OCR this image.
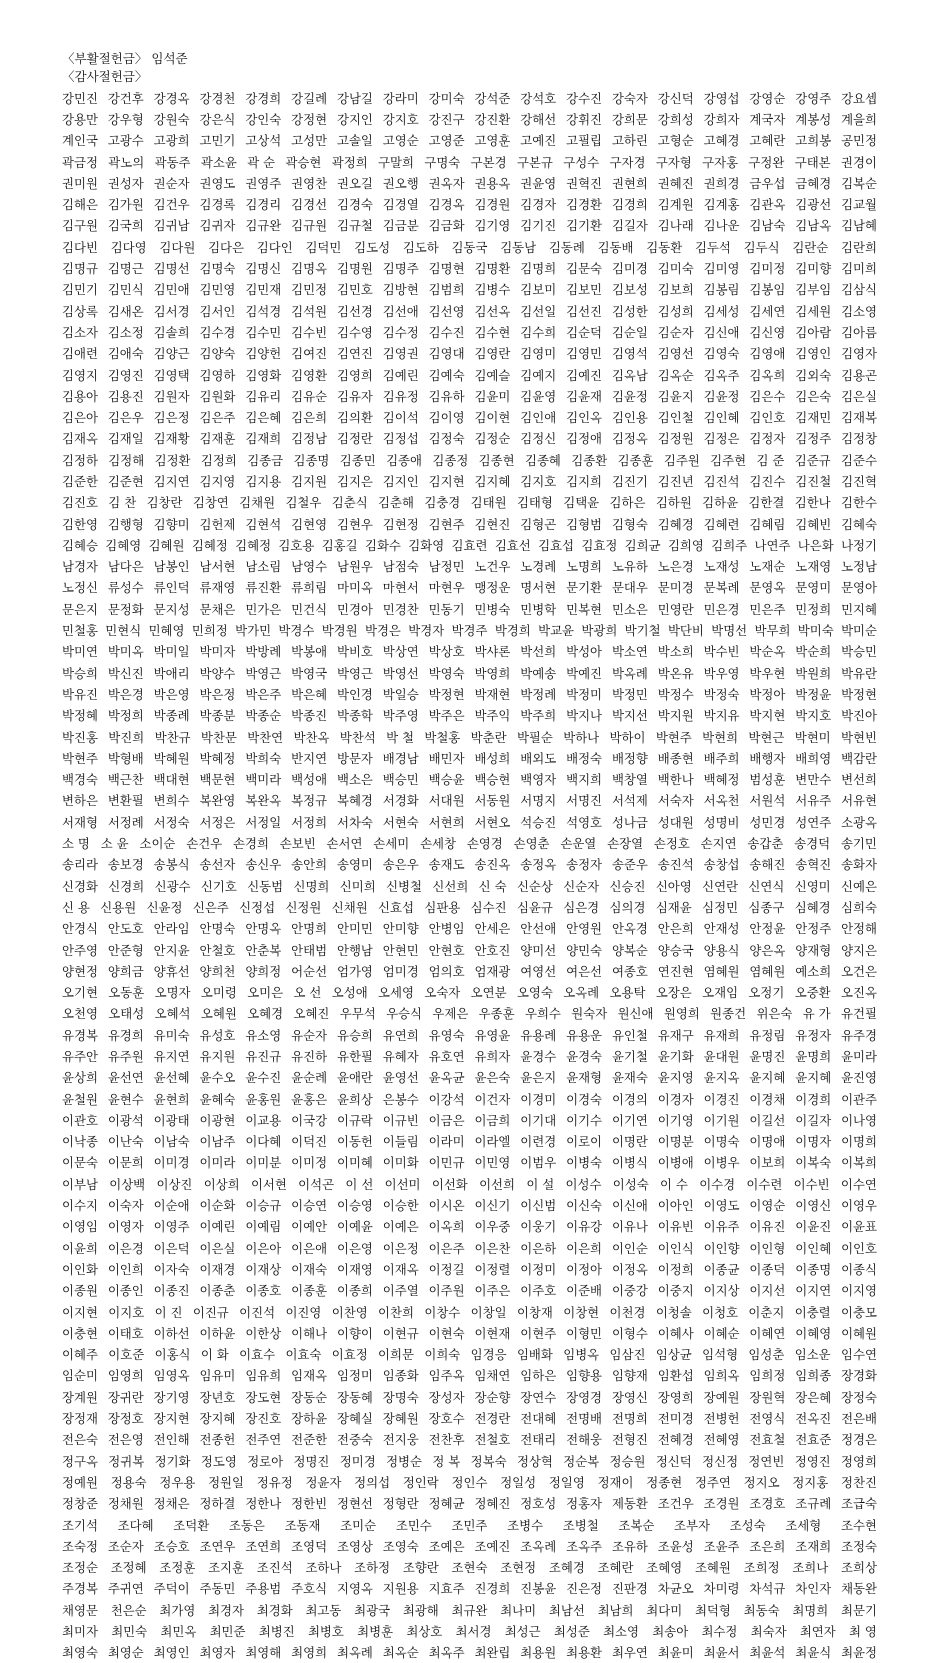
〈부활절헌금〉 임석준
〈감사절헌금〉
강민진 강건후 강경옥 강경천 강경희 강길례 강남길 강라미 강미숙 강석준 강석호 강수진 강숙자 강신덕 강영섭 강영순 강영주 강요셉
강용만 강우형 강원숙 강은식 강인숙 강정현 강지인 강지호 강진구 강진환 강해선 강휘진 강희문 강희성 강희자 계국자 계봉성 계을희
계인국 고광수 고광희 고민기 고상석 고성만 고솔일 고영순 고영준 고영훈 고예진 고필립 고하린 고형순 고혜경 고혜란 고희봉 공민정
곽금정 곽노의 곽동주 곽소윤 곽 순 곽승현 곽정희 구말희 구명숙 구본경 구본규 구성수 구자경 구자형 구자홍 구정완 구태본 권경이
권미원 권성자 권순자 권영도 권영주 권영찬 권오길 권오행 권옥자 권용옥 권윤영 권혁진 권현희 권혜진 권희경 금우섭 금혜경 김복순
김해은 김가원 김건우 김경록 김경리 김경선 김경숙 김경열 김경옥 김경원 김경자 김경환 김경희 김계원 김계홍 김관옥 김광선 김교월
김구원 김국희 김귀남 김귀자 김규완 김규원 김규철 김금분 김금화 김기영 김기진 김기환 김길자 김나래 김나운 김남숙 김남옥 김남혜
김다빈 김다영 김다원 김다은 김다인 김덕민 김도성 김도하 김동국 김동남 김동례 김동배 김동환 김두석 김두식 김란순 김란희
김명규 김명근 김명선 김명숙 김명신 김명옥 김명원 김명주 김명현 김명환 김명희 김문숙 김미경 김미숙 김미영 김미정 김미향 김미희
김민기 김민식 김민애 김민영 김민재 김민정 김민호 김방현 김범희 김병수 김보미 김보민 김보성 김보희 김봉림 김봉임 김부임 김삼식
김상록 김새온 김서경 김서인 김석경 김석원 김선경 김선애 김선영 김선옥 김선일 김선진 김성한 김성희 김세성 김세연 김세원 김소영
김소자 김소정 김솔희 김수경 김수민 김수빈 김수영 김수정 김수진 김수현 김수희 김순덕 김순일 김순자 김신애 김신영 김아람 김아름
김애련 김애숙 김양근 김양숙 김양헌 김여진 김연진 김영권 김영대 김영란 김영미 김영민 김영석 김영선 김영숙 김영애 김영인 김영자
김영지 김영진 김영택 김영하 김영화 김영환 김영희 김예린 김예숙 김예슬 김예지 김예진 김옥남 김옥순 김옥주 김옥희 김외숙 김용곤
김용아 김용진 김원자 김원화 김유리 김유순 김유자 김유정 김유하 김윤미 김윤영 김윤재 김윤정 김윤지 김윤정 김은수 김은숙 김은실
김은아 김은우 김은정 김은주 김은혜 김은희 김의환 김이석 김이영 김이현 김인애 김인옥 김인용 김인철 김인혜 김인호 김재민 김재복
김재옥 김재일 김재황 김재훈 김재희 김정남 김정란 김정섭 김정숙 김정순 김정신 김정애 김정옥 김정원 김정은 김정자 김정주 김정창
김정하 김정해 김정환 김정희 김종금 김종명 김종민 김종애 김종정 김종현 김종혜 김종환 김종훈 김주원 김주현 김 준 김준규 김준수
김준한 김준현 김지연 김지영 김지용 김지원 김지은 김지인 김지현 김지혜 김지호 김지희 김진기 김진년 김진석 김진수 김진철 김진혁
김진호 김 찬 김창란 김창연 김채원 김철우 김춘식 김춘해 김충경 김태원 김태형 김택윤 김하은 김하원 김하윤 김한결 김한나 김한수
김한영 김행형 김향미 김헌제 김현석 김현영 김현우 김현정 김현주 김현진 김형곤 김형범 김형숙 김혜경 김혜련 김혜림 김혜빈 김혜숙
김혜승 김혜영 김혜원 김혜정 김혜정 김호용 김홍길 김화수 김화영 김효련 김효선 김효섭 김효정 김희균 김희영 김희주 나연주 나은화 나정기
남경자 남다은 남봉인 남서현 남소림 남영수 남원우 남점숙 남정민 노건우 노경례 노명희 노유하 노은경 노재성 노재순 노재영 노정남
노정신 류성수 류인덕 류재영 류진환 류희림 마미옥 마현서 마현우 맹정운 명서현 문기환 문대우 문미경 문복례 문영옥 문영미 문영아
문은지 문정화 문지성 문채은 민가은 민건식 민경아 민경찬 민동기 민병숙 민병학 민복현 민소은 민영란 민은경 민은주 민정희 민지혜
민철홍 민현식 민혜영 민희정 박가민 박경수 박경원 박경은 박경자 박경주 박경희 박교윤 박광희 박기철 박단비 박명선 박무희 박미숙 박미순
박미연 박미옥 박미일 박미자 박방례 박봉애 박비호 박상연 박상호 박샤론 박선희 박성아 박소연 박소희 박수빈 박순옥 박순희 박승민
박승희 박신진 박애리 박양수 박영근 박영국 박영근 박영선 박영숙 박영희 박예송 박예진 박옥례 박온유 박우영 박우현 박원희 박유란
박유진 박은경 박은영 박은정 박은주 박은혜 박인경 박일승 박정현 박재현 박정례 박정미 박정민 박정수 박정숙 박정아 박정윤 박정현
박정혜 박정희 박종례 박종분 박종순 박종진 박종학 박주영 박주은 박주익 박주희 박지나 박지선 박지원 박지유 박지현 박지호 박진아
박진홍 박진희 박찬규 박찬문 박찬연 박찬옥 박찬석 박 철 박철홍 박춘란 박필순 박하나 박하이 박현주 박현희 박현근 박현미 박현빈
박현주 박형배 박혜원 박혜정 박희숙 반지연 방문자 배경남 배민자 배성희 배외도 배정숙 배정향 배종현 배주희 배행자 배희영 백감란
백경숙 백근찬 백대현 백문현 백미라 백성애 백소은 백승민 백승윤 백승현 백영자 백지희 백창열 백한나 백혜정 범성훈 변만수 변선희
변하은 변환필 변희수 복완영 복완옥 복정규 복혜경 서경화 서대원 서동원 서명지 서명진 서석제 서숙자 서옥천 서원석 서유주 서유현
서재형 서정례 서정숙 서정은 서정일 서정희 서차숙 서현숙 서현희 서현오 석승진 석영호 성나금 성대원 성명비 성민경 성연주 소광옥
소 명 소 윤 소이순 손건우 손경희 손보빈 손서연 손세미 손세창 손영경 손영춘 손운열 손장열 손정호 손지연 송갑춘 송경덕 송기민
송리라 송보경 송봉식 송선자 송신우 송안희 송영미 송은우 송재도 송진옥 송정옥 송정자 송준우 송진석 송창섭 송해진 송혁진 송화자
신경화 신경희 신광수 신기호 신동범 신명희 신미희 신병철 신선희 신 숙 신순상 신순자 신승진 신아영 신연란 신연식 신영미 신예은
신 용 신용원 신윤정 신은주 신정섭 신정원 신채원 신효섭 심판용 심수진 심윤규 심은경 심의경 심재윤 심정민 심종구 심혜경 심희숙
안경식 안도호 안라임 안명숙 안명옥 안명희 안미민 안미향 안병임 안세은 안선애 안영원 안옥경 안은희 안재성 안정윤 안정주 안정해
안주영 안준형 안지윤 안철호 안춘복 안태범 안행남 안현민 안현호 안호진 양미선 양민숙 양복순 양승국 양용식 양은옥 양재형 양지은
양현정 양희금 양휴선 양희천 양희정 어순선 엄가영 엄미경 엄의호 엄재광 여영선 여은선 여종호 연진현 염혜원 염혜원 예소희 오건은
오기현 오동훈 오명자 오미령 오미은 오 선 오성애 오세영 오숙자 오연분 오영숙 오옥례 오용탁 오장은 오재임 오정기 오중환 오진옥
오천영 오태성 오혜석 오혜원 오혜경 오혜진 우무석 우승식 우제은 우종훈 우희수 원숙자 원신애 원영희 원종건 위은숙 유 가 유건필
유경복 유경희 유미숙 유성호 유소영 유순자 유승희 유연희 유영숙 유영윤 유용례 유용운 유인철 유재구 유재희 유정림 유정자 유주경
유주안 유주원 유지연 유지원 유진규 유진하 유한필 유혜자 유호연 유희자 윤경수 윤경숙 윤기철 윤기화 윤대원 윤명진 윤명희 윤미라
윤상희 윤선연 윤선혜 윤수오 윤수진 윤순례 윤애란 윤영선 윤옥균 윤은숙 윤은지 윤재형 윤재숙 윤지영 윤지옥 윤지혜 윤지혜 윤진영
윤철원 윤현수 윤현희 윤혜숙 윤홍원 윤홍은 윤희상 은봉수 이강석 이건자 이경미 이경숙 이경의 이경자 이경진 이경채 이경희 이관주
이관호 이광석 이광태 이광현 이교용 이국강 이규락 이규빈 이금은 이금희 이기대 이기수 이기연 이기영 이기원 이길선 이길자 이나영
이낙종 이난숙 이남숙 이남주 이다혜 이덕진 이동헌 이들림 이라미 이라엘 이련경 이로이 이명란 이명분 이명숙 이명애 이명자 이명희
이문숙 이문희 이미경 이미라 이미분 이미정 이미혜 이미화 이민규 이민영 이범우 이병숙 이병식 이병애 이병우 이보희 이복숙 이복희
이부남 이상백 이상진 이상희 이서현 이석곤 이 선 이선미 이선화 이선희 이 설 이성수 이성숙 이 수 이수경 이수련 이수빈 이수연
이수지 이숙자 이순애 이순화 이승규 이승연 이승영 이승한 이시온 이신기 이신범 이신숙 이신애 이아인 이영도 이영순 이영신 이영우
이영임 이영자 이영주 이예린 이예림 이예안 이예윤 이예은 이옥희 이우중 이웅기 이유강 이유나 이유빈 이유주 이유진 이윤진 이윤표
이윤희 이은경 이은덕 이은실 이은아 이은애 이은영 이은정 이은주 이은찬 이은하 이은희 이인순 이인식 이인향 이인형 이인혜 이인호
이인화 이인희 이자숙 이재경 이재상 이재숙 이재영 이재옥 이정길 이정렬 이정미 이정아 이정옥 이정희 이종균 이종덕 이종명 이종식
이종원 이종인 이종진 이종춘 이종호 이종훈 이종희 이주열 이주원 이주은 이주호 이준배 이중강 이중지 이지상 이지선 이지연 이지영
이지현 이지호 이 진 이진규 이진석 이진영 이찬영 이찬희 이창수 이창일 이창재 이창현 이천경 이청솔 이청호 이춘지 이충렬 이충모
이충현 이태호 이하선 이하윤 이한상 이해나 이향이 이현규 이현숙 이현재 이현주 이형민 이형수 이혜사 이혜순 이혜연 이혜영 이혜원
이혜주 이호준 이홍식 이 화 이효수 이효숙 이효정 이희문 이희숙 임경응 임배화 임병옥 임삼진 임상균 임석형 임성춘 임소운 임수연
임순미 임영희 임영옥 임유미 임유희 임재옥 임정미 임종화 임주옥 임채연 임하은 임향용 임향재 임환섭 임희옥 임희정 임희종 장경화
장계원 장귀란 장기영 장년호 장도현 장동순 장동혜 장명숙 장성자 장순향 장연수 장영경 장영신 장영희 장예원 장원혁 장은혜 장정숙
장정재 장정호 장지현 장지혜 장진호 장하윤 장혜실 장혜원 장호수 전경란 전대혜 전명배 전명희 전미경 전병헌 전영식 전옥진 전은배
전은숙 전은영 전인해 전종헌 전주연 전준한 전중숙 전지웅 전찬후 전철호 전태리 전해웅 전형진 전혜경 전혜영 전효철 전효준 정경은
정구옥 정귀복 정기화 정도영 정로아 정명진 정미경 정병순 정 복 정복숙 정상혁 정순복 정승원 정신덕 정신정 정연빈 정영진 정영희
정예원 정용숙 정우용 정원일 정유정 정윤자 정의섭 정인락 정인수 정일성 정일영 정재이 정종현 정주연 정지오 정지홍 정찬진
정창준 정채원 정채은 정하결 정한나 정한빈 정현선 정형란 정혜균 정혜진 정호성 정홍자 제동환 조건우 조경원 조경호 조규례 조급숙
조기석 조다혜 조덕환 조동은 조동재 조미순 조민수 조민주 조병수 조병철 조복순 조부자 조성숙 조세형 조수현
조숙정 조순자 조승호 조연우 조연희 조영덕 조영상 조영숙 조예은 조예진 조옥례 조옥주 조유하 조윤성 조윤주 조은희 조재희 조정숙
조정순 조정혜 조정훈 조지훈 조진석 조하나 조하정 조향란 조현숙 조현정 조혜경 조혜란 조혜영 조혜원 조희정 조희나 조희상
주경복 주귀연 주덕이 주동민 주용범 주호식 지영옥 지원용 지효주 진경희 진봉윤 진은정 진판경 차균오 차미령 차석규 차인자 채동완
채영문 천은순 최가영 최경자 최경화 최고동 최광국 최광해 최규완 최나미 최남선 최남희 최다미 최덕형 최동숙 최명희 최문기
최미자 최민숙 최민옥 최민준 최병진 최병호 최병훈 최상호 최서경 최성근 최성준 최소영 최송아 최수정 최숙자 최연자 최 영
최영숙 최영순 최영인 최영자 최영해 최영희 최옥례 최옥순 최옥주 최완립 최용원 최용환 최우연 최윤미 최윤서 최윤석 최윤식 최윤정
